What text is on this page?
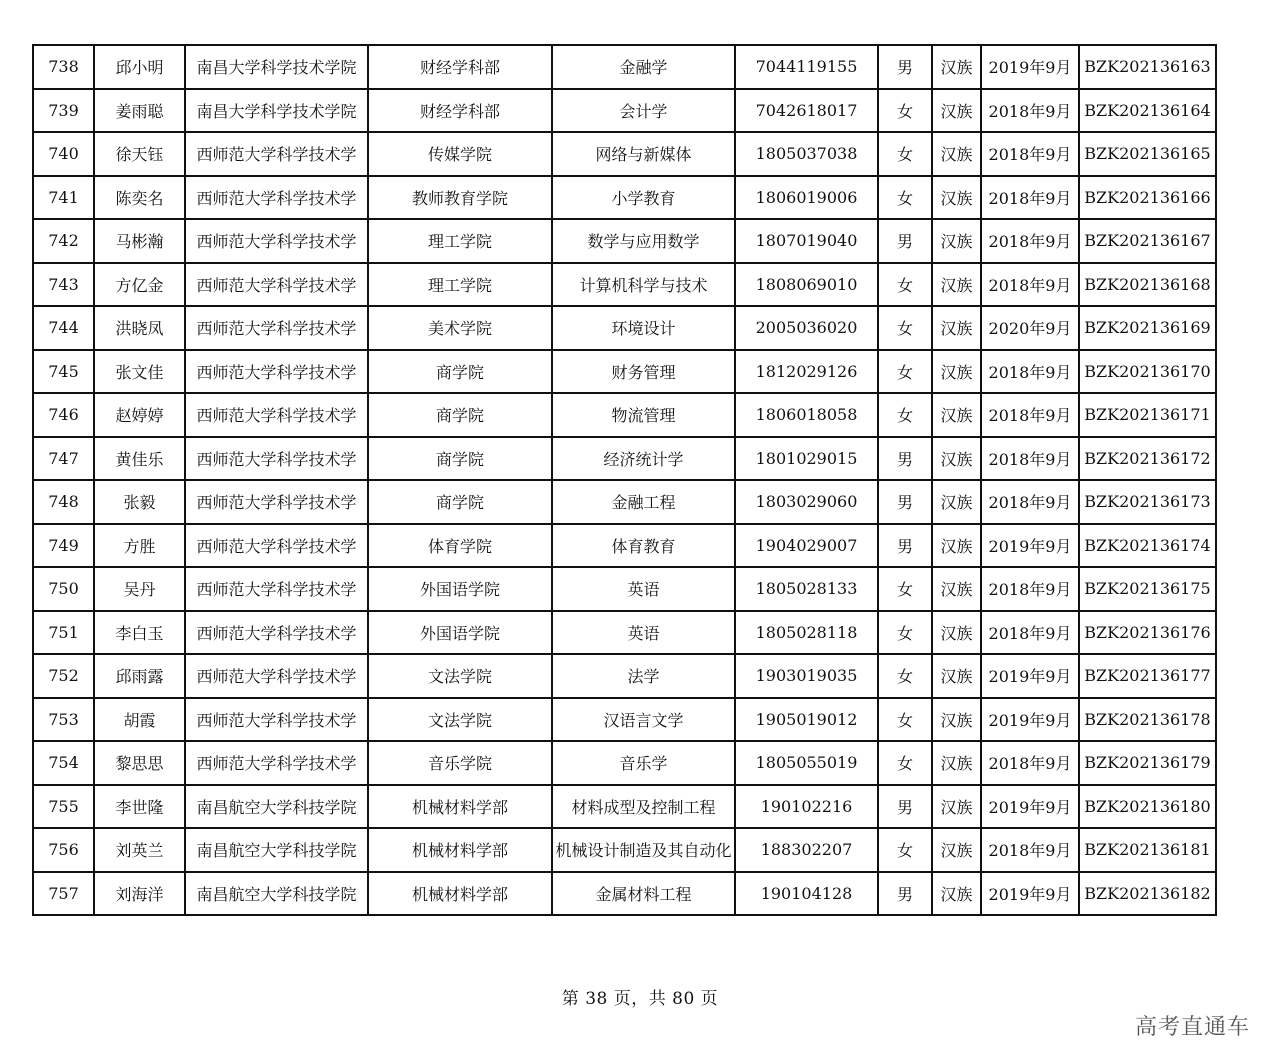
738	邱小明	南昌大学科学技术学院	财经学科部	金融学	7044119155	男	汉族	2019年9月	BZK202136163
739	姜雨聪	南昌大学科学技术学院	财经学科部	会计学	7042618017	女	汉族	2018年9月	BZK202136164
740	徐天钰	西师范大学科学技术学	传媒学院	网络与新媒体	1805037038	女	汉族	2018年9月	BZK202136165
741	陈奕名	西师范大学科学技术学	教师教育学院	小学教育	1806019006	女	汉族	2018年9月	BZK202136166
742	马彬瀚	西师范大学科学技术学	理工学院	数学与应用数学	1807019040	男	汉族	2018年9月	BZK202136167
743	方亿金	西师范大学科学技术学	理工学院	计算机科学与技术	1808069010	女	汉族	2018年9月	BZK202136168
744	洪晓凤	西师范大学科学技术学	美术学院	环境设计	2005036020	女	汉族	2020年9月	BZK202136169
745	张文佳	西师范大学科学技术学	商学院	财务管理	1812029126	女	汉族	2018年9月	BZK202136170
746	赵婷婷	西师范大学科学技术学	商学院	物流管理	1806018058	女	汉族	2018年9月	BZK202136171
747	黄佳乐	西师范大学科学技术学	商学院	经济统计学	1801029015	男	汉族	2018年9月	BZK202136172
748	张毅	西师范大学科学技术学	商学院	金融工程	1803029060	男	汉族	2018年9月	BZK202136173
749	方胜	西师范大学科学技术学	体育学院	体育教育	1904029007	男	汉族	2019年9月	BZK202136174
750	吴丹	西师范大学科学技术学	外国语学院	英语	1805028133	女	汉族	2018年9月	BZK202136175
751	李白玉	西师范大学科学技术学	外国语学院	英语	1805028118	女	汉族	2018年9月	BZK202136176
752	邱雨露	西师范大学科学技术学	文法学院	法学	1903019035	女	汉族	2019年9月	BZK202136177
753	胡霞	西师范大学科学技术学	文法学院	汉语言文学	1905019012	女	汉族	2019年9月	BZK202136178
754	黎思思	西师范大学科学技术学	音乐学院	音乐学	1805055019	女	汉族	2018年9月	BZK202136179
755	李世隆	南昌航空大学科技学院	机械材料学部	材料成型及控制工程	190102216	男	汉族	2019年9月	BZK202136180
756	刘英兰	南昌航空大学科技学院	机械材料学部	机械设计制造及其自动化	188302207	女	汉族	2018年9月	BZK202136181
757	刘海洋	南昌航空大学科技学院	机械材料学部	金属材料工程	190104128	男	汉族	2019年9月	BZK202136182
第 38 页，共 80 页
高考直通车
